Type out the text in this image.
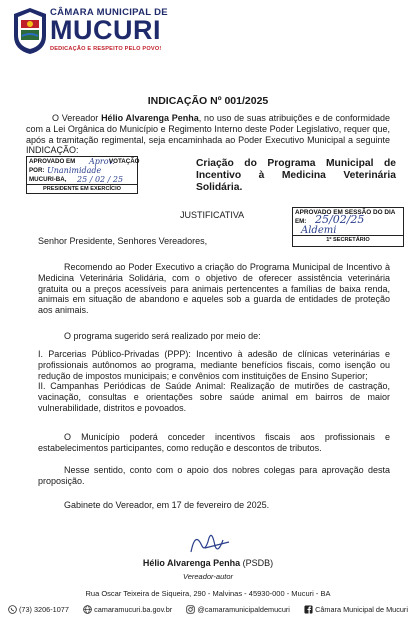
CÂMARA MUNICIPAL DE
MUCURI
DEDICAÇÃO E RESPEITO PELO POVO!
INDICAÇÃO Nº 001/2025
O Vereador Hélio Alvarenga Penha, no uso de suas atribuições e de conformidade com a Lei Orgânica do Município e Regimento Interno deste Poder Legislativo, requer que, após a tramitação regimental, seja encaminhada ao Poder Executivo Municipal a seguinte INDICAÇÃO:
APROVADO EM Aprov.
VOTAÇÃO
POR: Unanimidade
MUCURI-BA, 25 / 02 / 25
PRESIDENTE EM EXERCÍCIO
Criação do Programa Municipal de Incentivo à Medicina Veterinária Solidária.
JUSTIFICATIVA	APROVADO EM SESSÃO DO DIA
EM: 25/02/25
Aldemi
1º SECRETÁRIO
Senhor Presidente, Senhores Vereadores,
Recomendo ao Poder Executivo a criação do Programa Municipal de Incentivo à Medicina Veterinária Solidária, com o objetivo de oferecer assistência veterinária gratuita ou a preços acessíveis para animais pertencentes a famílias de baixa renda, animais em situação de abandono e aqueles sob a guarda de entidades de proteção aos animais.
O programa sugerido será realizado por meio de:
I. Parcerias Público-Privadas (PPP): Incentivo à adesão de clínicas veterinárias e profissionais autônomos ao programa, mediante benefícios fiscais, como isenção ou redução de impostos municipais; e convênios com instituições de Ensino Superior;
II. Campanhas Periódicas de Saúde Animal: Realização de mutirões de castração, vacinação, consultas e orientações sobre saúde animal em bairros de maior vulnerabilidade, distritos e povoados.
O Município poderá conceder incentivos fiscais aos profissionais e estabelecimentos participantes, como redução e descontos de tributos.
Nesse sentido, conto com o apoio dos nobres colegas para aprovação desta proposição.
Gabinete do Vereador, em 17 de fevereiro de 2025.
Hélio Alvarenga Penha (PSDB)
Vereador-autor
Rua Oscar Teixeira de Siqueira, 290 - Malvinas - 45930-000 - Mucuri - BA
(73) 3206-1077	camaramucuri.ba.gov.br	@camaramunicipaldemucuri	Câmara Municipal de Mucuri
